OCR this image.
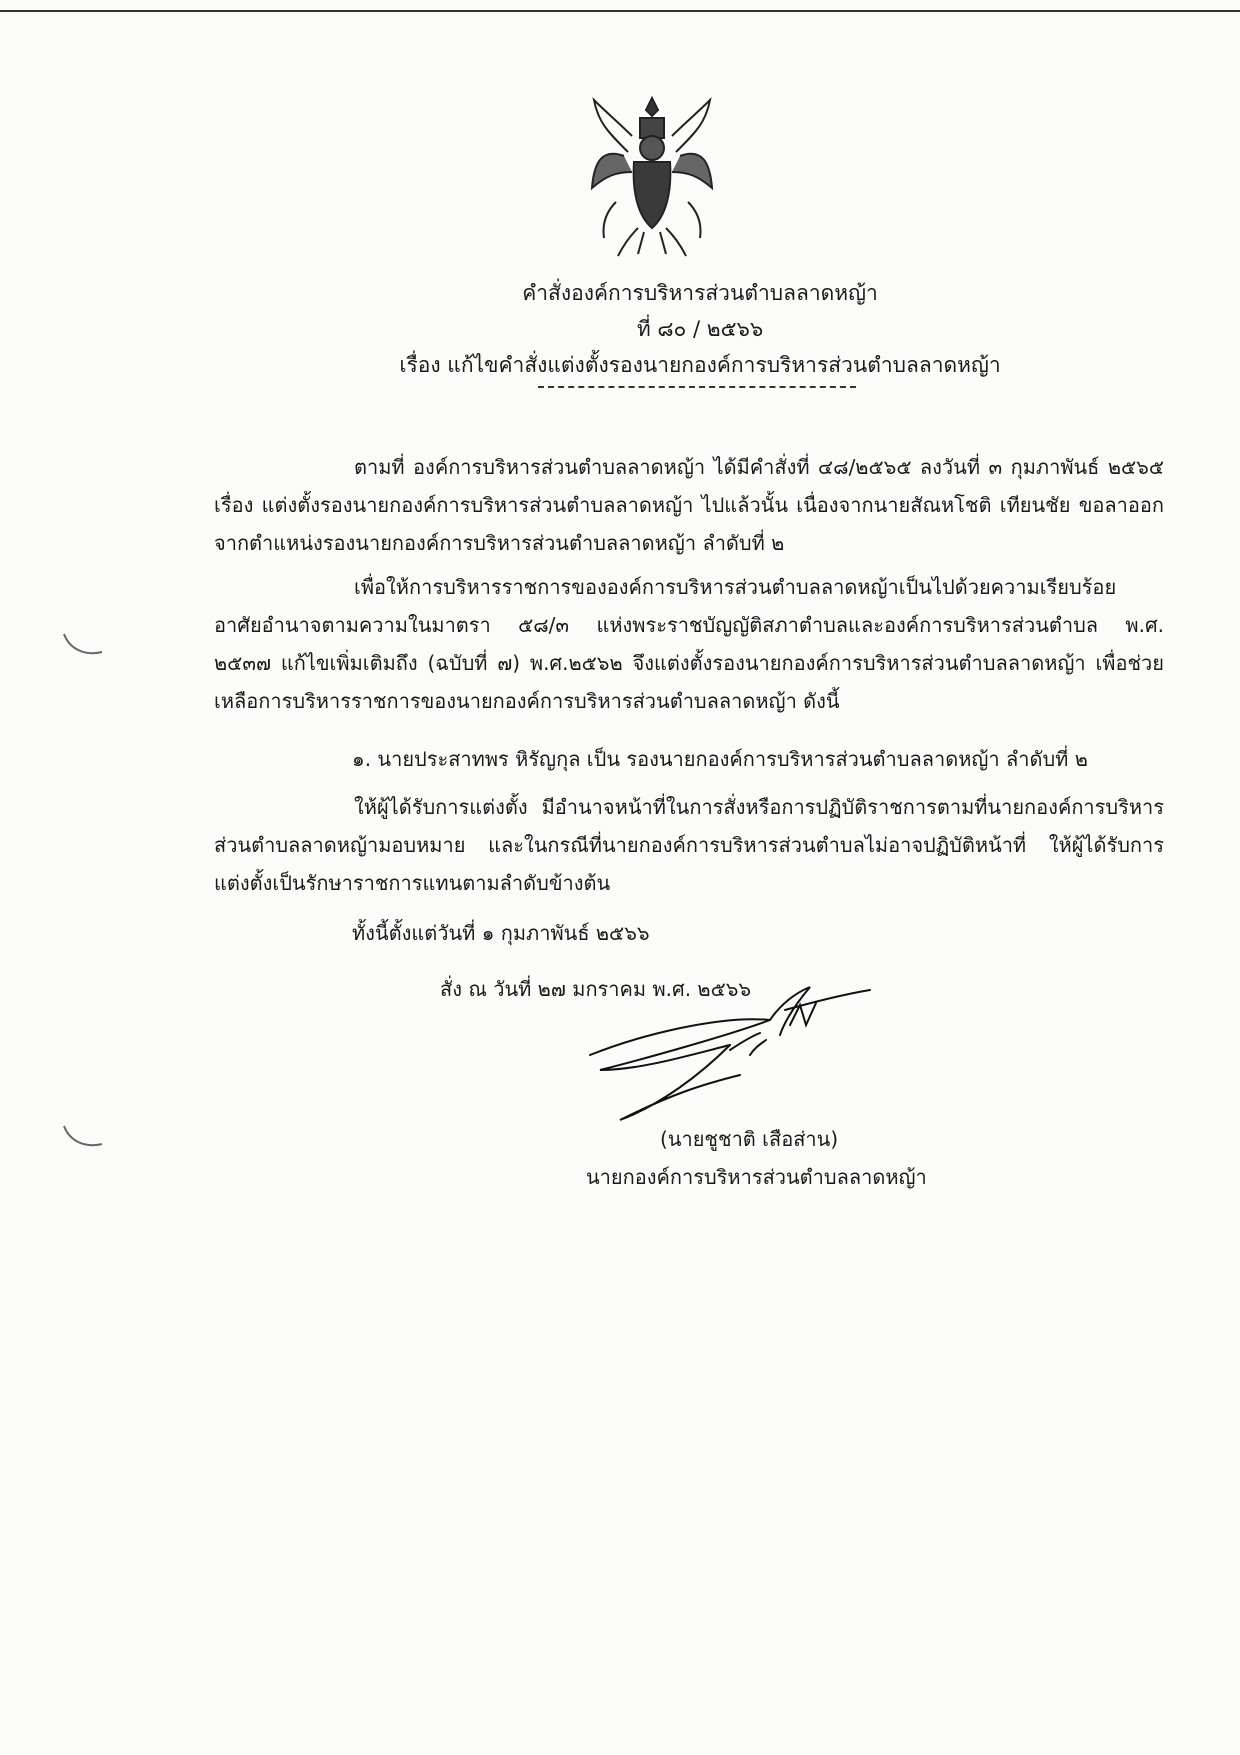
คำสั่งองค์การบริหารส่วนตำบลลาดหญ้า
ที่ ๘๐ / ๒๕๖๖
เรื่อง แก้ไขคำสั่งแต่งตั้งรองนายกองค์การบริหารส่วนตำบลลาดหญ้า
ตามที่ องค์การบริหารส่วนตำบลลาดหญ้า ได้มีคำสั่งที่ ๔๘/๒๕๖๕ ลงวันที่ ๓ กุมภาพันธ์ ๒๕๖๕ เรื่อง แต่งตั้งรองนายกองค์การบริหารส่วนตำบลลาดหญ้า ไปแล้วนั้น เนื่องจากนายสัณหโชติ เทียนชัย ขอลาออกจากตำแหน่งรองนายกองค์การบริหารส่วนตำบลลาดหญ้า ลำดับที่ ๒
เพื่อให้การบริหารราชการขององค์การบริหารส่วนตำบลลาดหญ้าเป็นไปด้วยความเรียบร้อย อาศัยอำนาจตามความในมาตรา ๕๘/๓ แห่งพระราชบัญญัติสภาตำบลและองค์การบริหารส่วนตำบล พ.ศ. ๒๕๓๗ แก้ไขเพิ่มเติมถึง (ฉบับที่ ๗) พ.ศ.๒๕๖๒ จึงแต่งตั้งรองนายกองค์การบริหารส่วนตำบลลาดหญ้า เพื่อช่วยเหลือการบริหารราชการของนายกองค์การบริหารส่วนตำบลลาดหญ้า ดังนี้
๑. นายประสาทพร หิรัญกุล เป็น รองนายกองค์การบริหารส่วนตำบลลาดหญ้า ลำดับที่ ๒
ให้ผู้ได้รับการแต่งตั้ง มีอำนาจหน้าที่ในการสั่งหรือการปฏิบัติราชการตามที่นายกองค์การบริหารส่วนตำบลลาดหญ้ามอบหมาย และในกรณีที่นายกองค์การบริหารส่วนตำบลไม่อาจปฏิบัติหน้าที่ ให้ผู้ได้รับการแต่งตั้งเป็นรักษาราชการแทนตามลำดับข้างต้น
ทั้งนี้ตั้งแต่วันที่ ๑ กุมภาพันธ์ ๒๕๖๖
สั่ง ณ วันที่ ๒๗ มกราคม พ.ศ. ๒๕๖๖
(นายชูชาติ เสือส่าน)
นายกองค์การบริหารส่วนตำบลลาดหญ้า
